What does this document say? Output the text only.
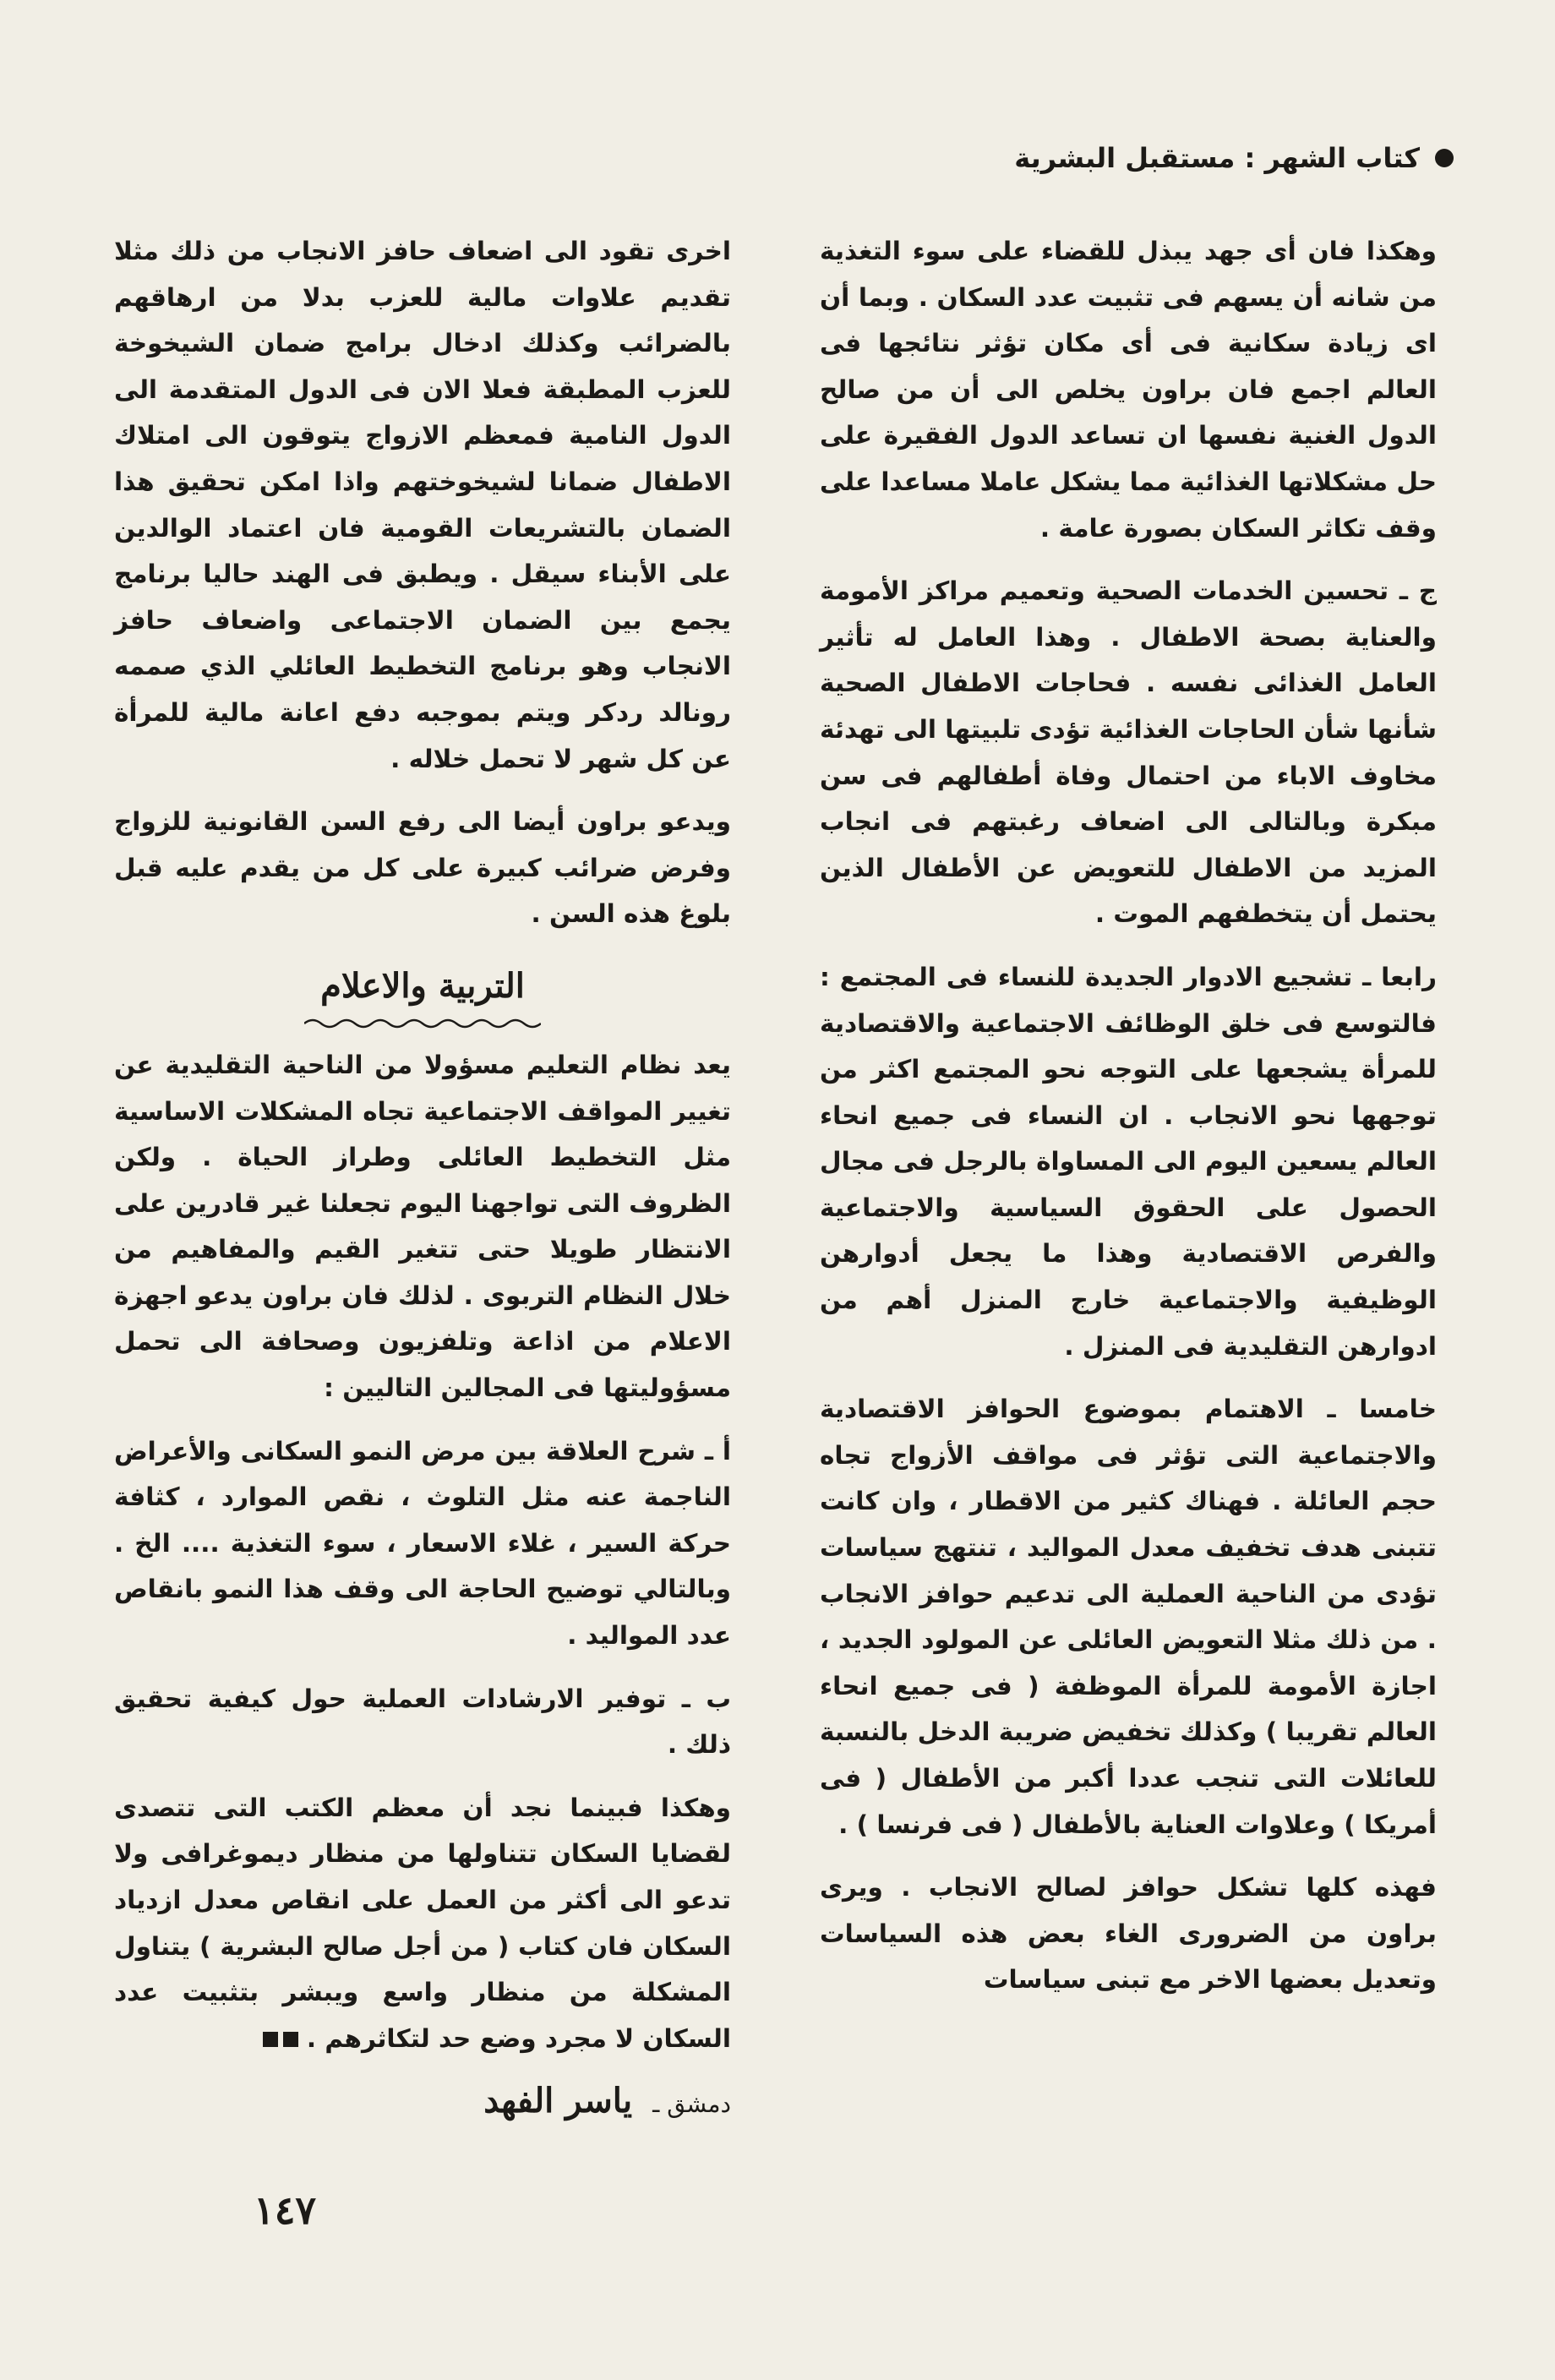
كتاب الشهر : مستقبل البشرية

وهكذا فان أى جهد يبذل للقضاء على سوء التغذية من شانه أن يسهم فى تثبيت عدد السكان . وبما أن اى زيادة سكانية فى أى مكان تؤثر نتائجها فى العالم اجمع فان براون يخلص الى أن من صالح الدول الغنية نفسها ان تساعد الدول الفقيرة على حل مشكلاتها الغذائية مما يشكل عاملا مساعدا على وقف تكاثر السكان بصورة عامة .

ج ـ تحسين الخدمات الصحية وتعميم مراكز الأمومة والعناية بصحة الاطفال . وهذا العامل له تأثير العامل الغذائى نفسه . فحاجات الاطفال الصحية شأنها شأن الحاجات الغذائية تؤدى تلبيتها الى تهدئة مخاوف الاباء من احتمال وفاة أطفالهم فى سن مبكرة وبالتالى الى اضعاف رغبتهم فى انجاب المزيد من الاطفال للتعويض عن الأطفال الذين يحتمل أن يتخطفهم الموت .

رابعا ـ تشجيع الادوار الجديدة للنساء فى المجتمع : فالتوسع فى خلق الوظائف الاجتماعية والاقتصادية للمرأة يشجعها على التوجه نحو المجتمع اكثر من توجهها نحو الانجاب . ان النساء فى جميع انحاء العالم يسعين اليوم الى المساواة بالرجل فى مجال الحصول على الحقوق السياسية والاجتماعية والفرص الاقتصادية وهذا ما يجعل أدوارهن الوظيفية والاجتماعية خارج المنزل أهم من ادوارهن التقليدية فى المنزل .

خامسا ـ الاهتمام بموضوع الحوافز الاقتصادية والاجتماعية التى تؤثر فى مواقف الأزواج تجاه حجم العائلة . فهناك كثير من الاقطار ، وان كانت تتبنى هدف تخفيف معدل المواليد ، تنتهج سياسات تؤدى من الناحية العملية الى تدعيم حوافز الانجاب . من ذلك مثلا التعويض العائلى عن المولود الجديد ، اجازة الأمومة للمرأة الموظفة ( فى جميع انحاء العالم تقريبا ) وكذلك تخفيض ضريبة الدخل بالنسبة للعائلات التى تنجب عددا أكبر من الأطفال ( فى أمريكا ) وعلاوات العناية بالأطفال ( فى فرنسا ) .

فهذه كلها تشكل حوافز لصالح الانجاب . ويرى براون من الضرورى الغاء بعض هذه السياسات وتعديل بعضها الاخر مع تبنى سياسات

اخرى تقود الى اضعاف حافز الانجاب من ذلك مثلا تقديم علاوات مالية للعزب بدلا من ارهاقهم بالضرائب وكذلك ادخال برامج ضمان الشيخوخة للعزب المطبقة فعلا الان فى الدول المتقدمة الى الدول النامية فمعظم الازواج يتوقون الى امتلاك الاطفال ضمانا لشيخوختهم واذا امكن تحقيق هذا الضمان بالتشريعات القومية فان اعتماد الوالدين على الأبناء سيقل . ويطبق فى الهند حاليا برنامج يجمع بين الضمان الاجتماعى واضعاف حافز الانجاب وهو برنامج التخطيط العائلي الذي صممه رونالد ردكر ويتم بموجبه دفع اعانة مالية للمرأة عن كل شهر لا تحمل خلاله .

ويدعو براون أيضا الى رفع السن القانونية للزواج وفرض ضرائب كبيرة على كل من يقدم عليه قبل بلوغ هذه السن .

التربية والاعلام

يعد نظام التعليم مسؤولا من الناحية التقليدية عن تغيير المواقف الاجتماعية تجاه المشكلات الاساسية مثل التخطيط العائلى وطراز الحياة . ولكن الظروف التى تواجهنا اليوم تجعلنا غير قادرين على الانتظار طويلا حتى تتغير القيم والمفاهيم من خلال النظام التربوى . لذلك فان براون يدعو اجهزة الاعلام من اذاعة وتلفزيون وصحافة الى تحمل مسؤوليتها فى المجالين التاليين :

أ ـ شرح العلاقة بين مرض النمو السكانى والأعراض الناجمة عنه مثل التلوث ، نقص الموارد ، كثافة حركة السير ، غلاء الاسعار ، سوء التغذية .... الخ . وبالتالي توضيح الحاجة الى وقف هذا النمو بانقاص عدد المواليد .

ب ـ توفير الارشادات العملية حول كيفية تحقيق ذلك .

وهكذا فبينما نجد أن معظم الكتب التى تتصدى لقضايا السكان تتناولها من منظار ديموغرافى ولا تدعو الى أكثر من العمل على انقاص معدل ازدياد السكان فان كتاب ( من أجل صالح البشرية ) يتناول المشكلة من منظار واسع ويبشر بتثبيت عدد السكان لا مجرد وضع حد لتكاثرهم .

دمشق ـ
ياسر الفهد
١٤٧
